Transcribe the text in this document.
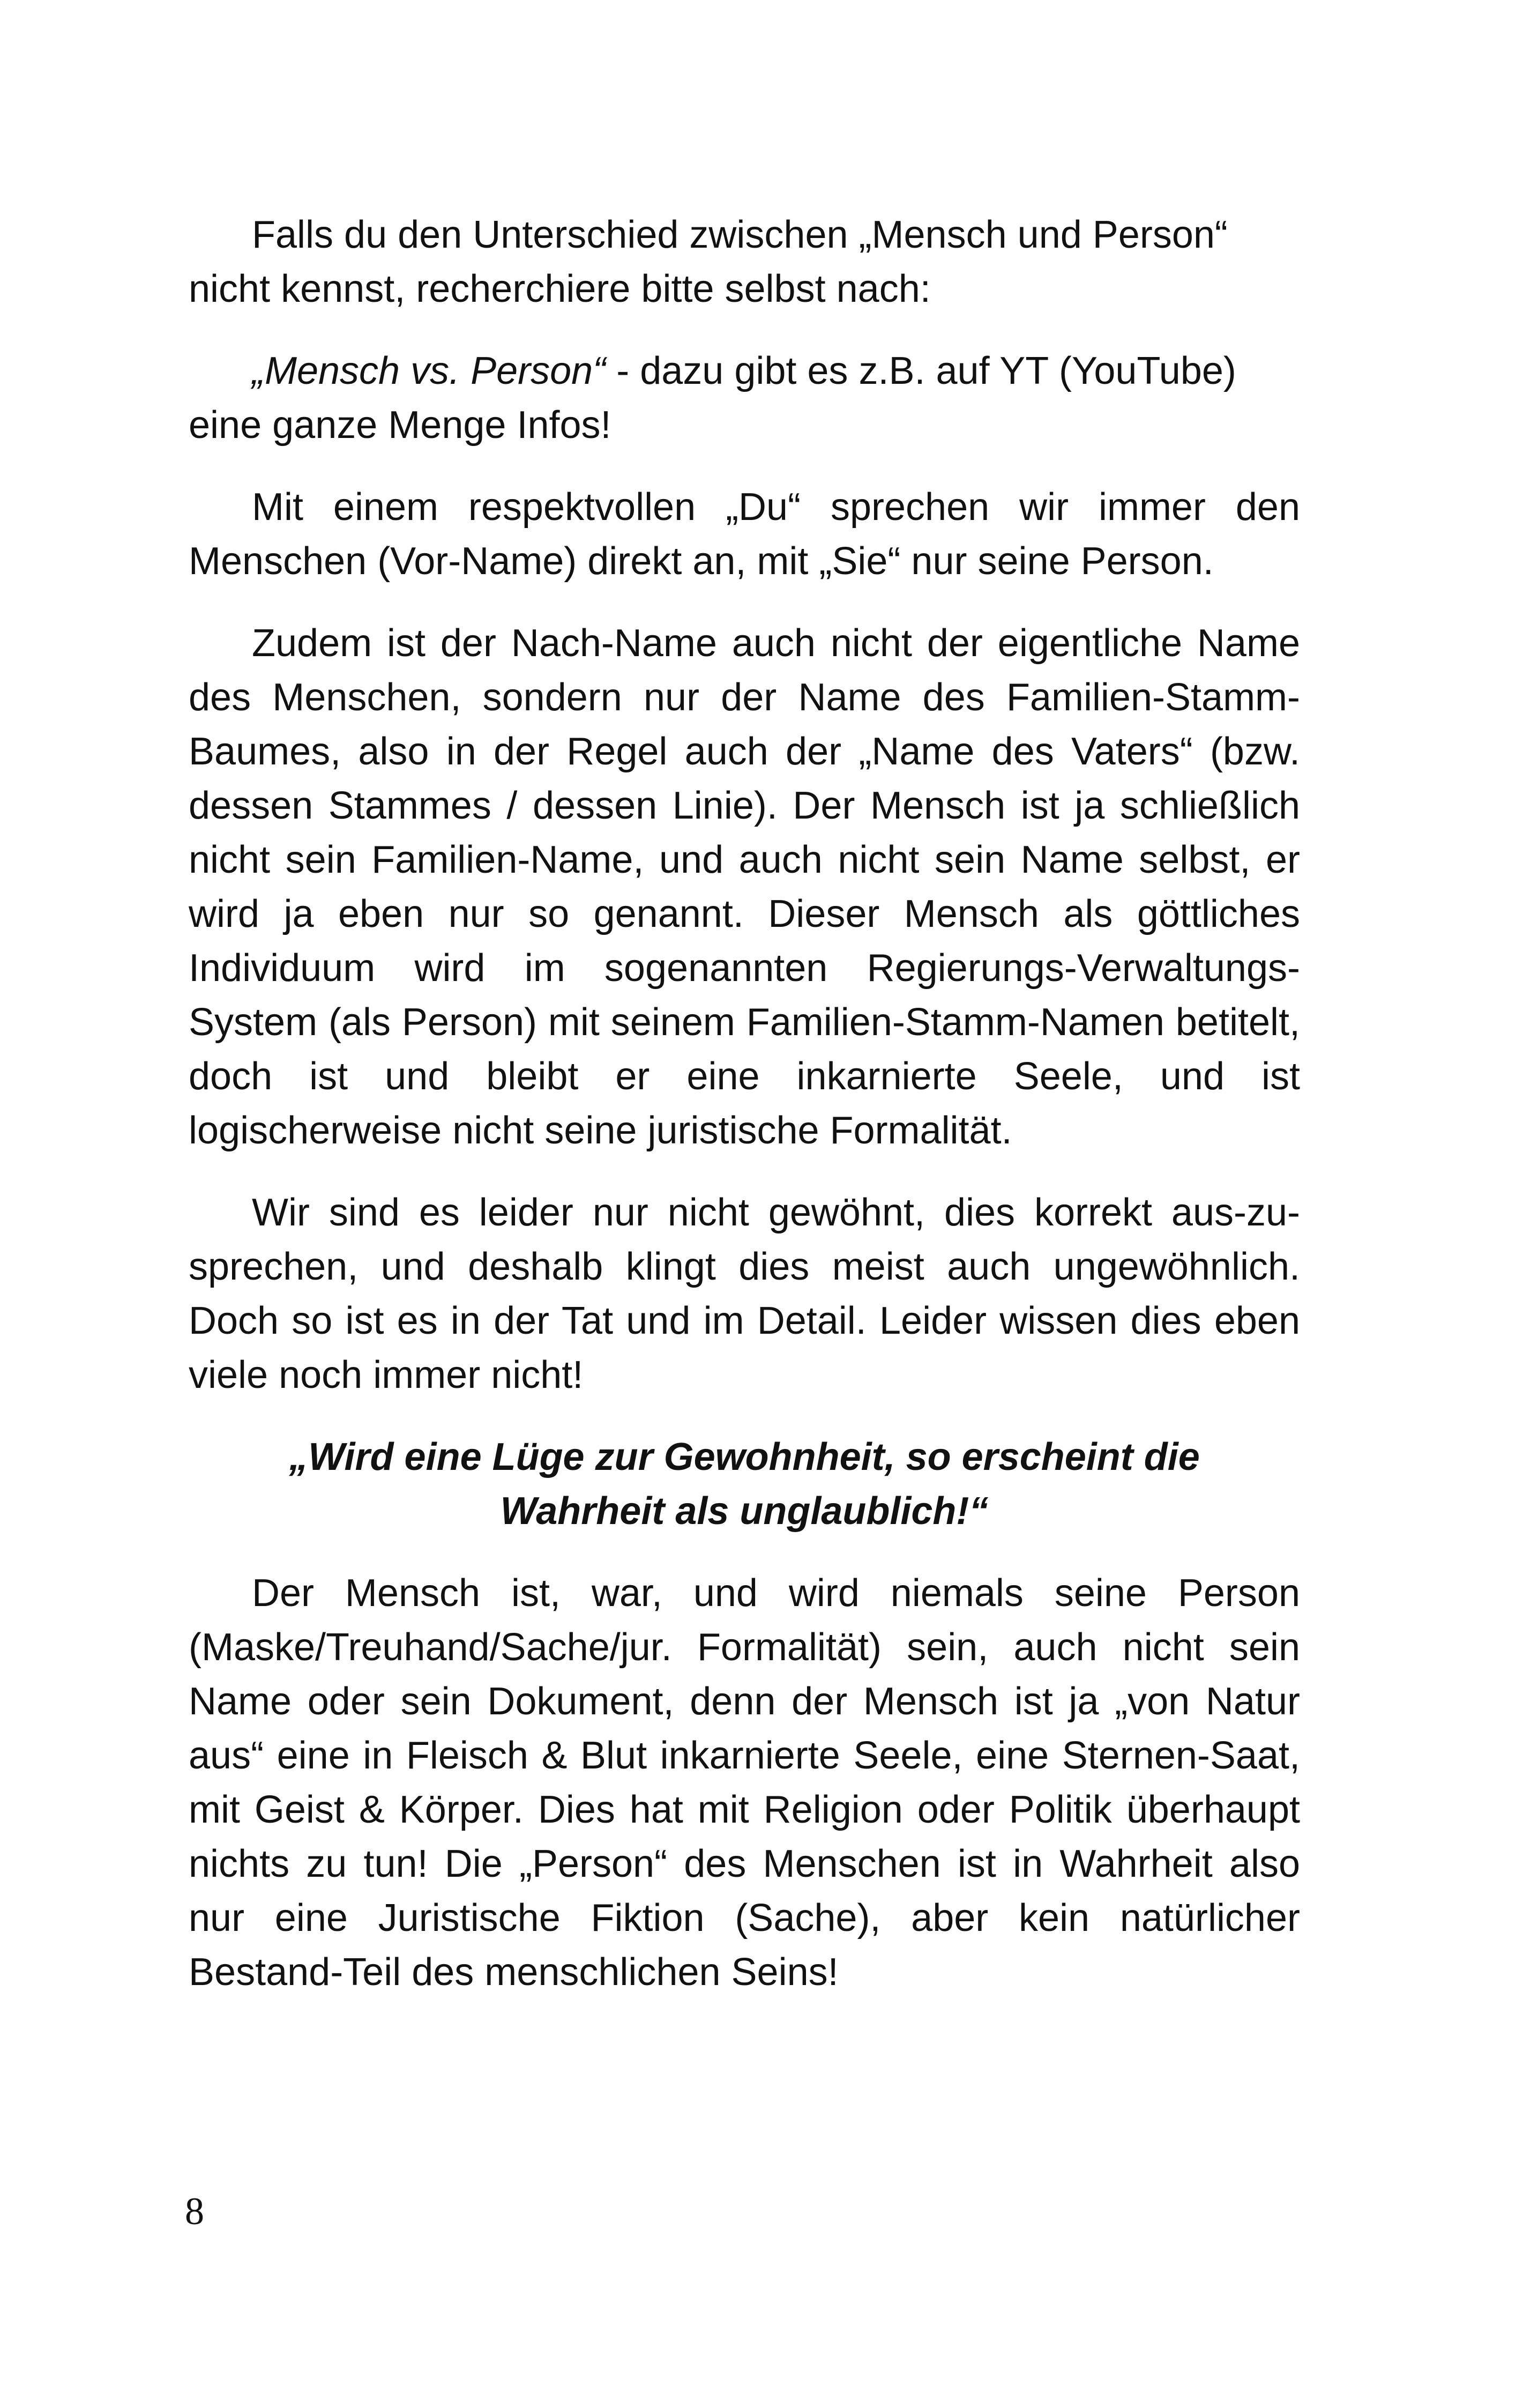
Falls du den Unterschied zwischen „Mensch und Person“ nicht kennst, recherchiere bitte selbst nach:

„Mensch vs. Person“ - dazu gibt es z.B. auf YT (YouTube) eine ganze Menge Infos!

Mit einem respektvollen „Du“ sprechen wir immer den Menschen (Vor-Name) direkt an, mit „Sie“ nur seine Person.

Zudem ist der Nach-Name auch nicht der eigentliche Name des Menschen, sondern nur der Name des Familien-Stamm-Baumes, also in der Regel auch der „Name des Vaters“ (bzw. dessen Stammes / dessen Linie). Der Mensch ist ja schließlich nicht sein Familien-Name, und auch nicht sein Name selbst, er wird ja eben nur so genannt. Dieser Mensch als göttliches Individuum wird im sogenannten Regierungs-Verwaltungs-System (als Person) mit seinem Familien-Stamm-Namen betitelt, doch ist und bleibt er eine inkarnierte Seele, und ist logischerweise nicht seine juristische Formalität.

Wir sind es leider nur nicht gewöhnt, dies korrekt aus-zu-sprechen, und deshalb klingt dies meist auch ungewöhnlich. Doch so ist es in der Tat und im Detail. Leider wissen dies eben viele noch immer nicht!

„Wird eine Lüge zur Gewohnheit, so erscheint die
Wahrheit als unglaublich!“

Der Mensch ist, war, und wird niemals seine Person (Maske/Treuhand/Sache/jur. Formalität) sein, auch nicht sein Name oder sein Dokument, denn der Mensch ist ja „von Natur aus“ eine in Fleisch & Blut inkarnierte Seele, eine Sternen-Saat, mit Geist & Körper. Dies hat mit Religion oder Politik überhaupt nichts zu tun! Die „Person“ des Menschen ist in Wahrheit also nur eine Juristische Fiktion (Sache), aber kein natürlicher Bestand-Teil des menschlichen Seins!

8
